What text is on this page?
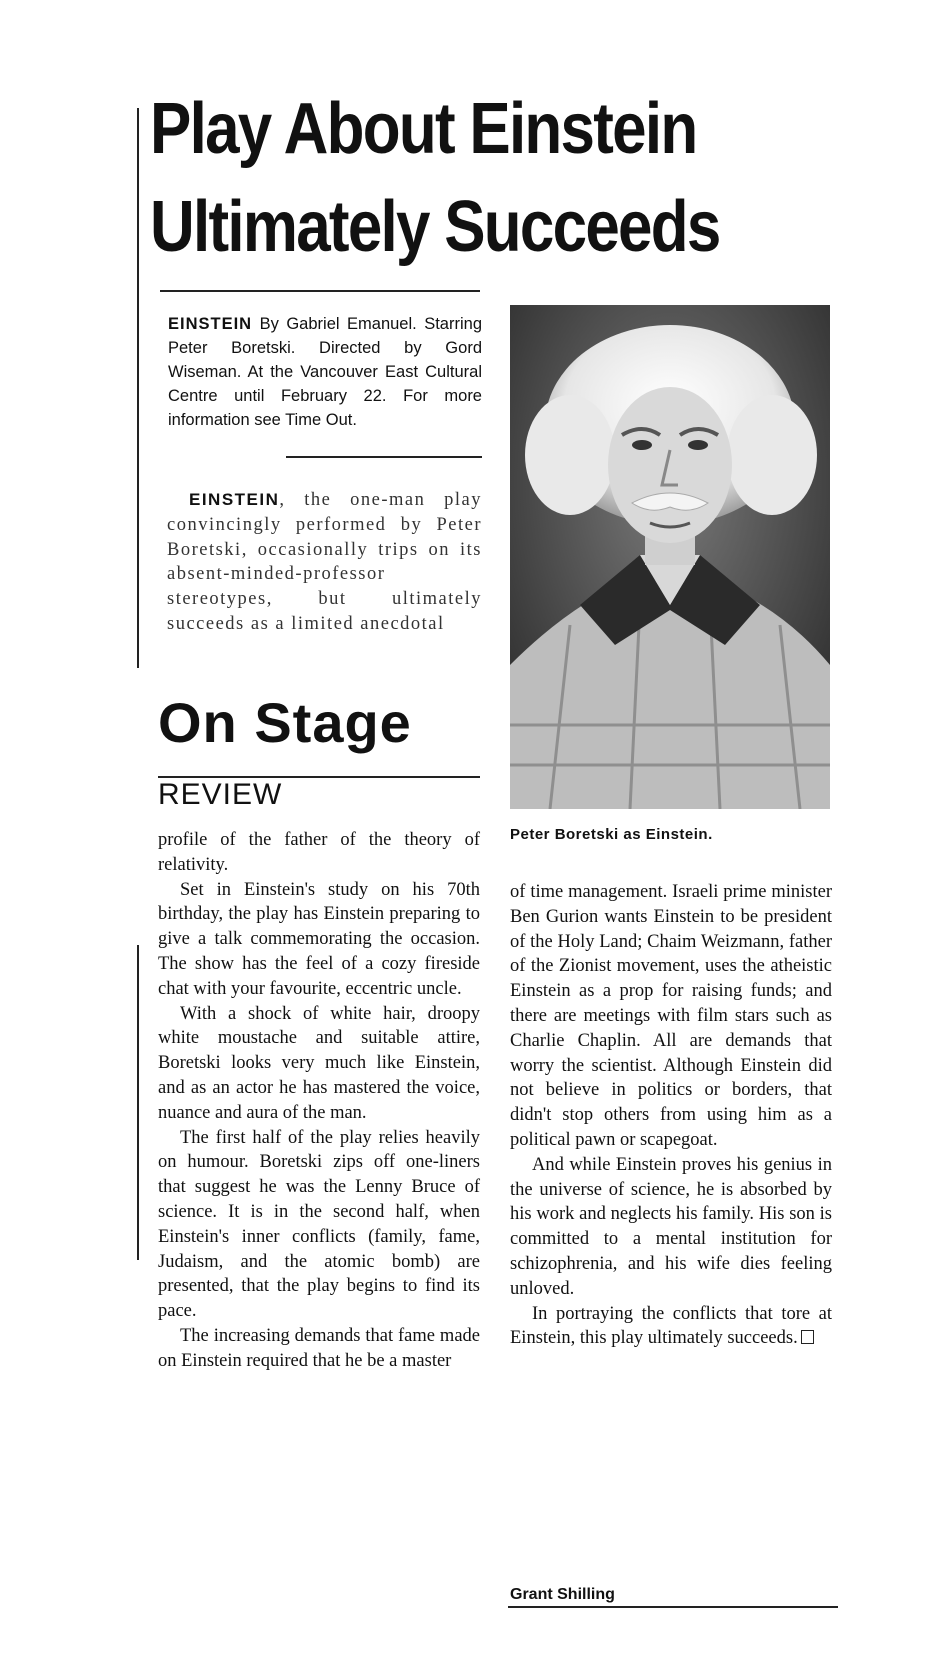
Play About Einstein
Ultimately Succeeds
EINSTEIN By Gabriel Emanuel. Starring Peter Boretski. Directed by Gord Wiseman. At the Vancouver East Cultural Centre until February 22. For more information see Time Out.

EINSTEIN, the one-man play convincingly performed by Peter Boretski, occasionally trips on its absent-minded-professor stereotypes, but ultimately succeeds as a limited anecdotal

On Stage
REVIEW

profile of the father of the theory of relativity.

Set in Einstein's study on his 70th birthday, the play has Einstein preparing to give a talk commemorating the occasion. The show has the feel of a cozy fireside chat with your favourite, eccentric uncle.

With a shock of white hair, droopy white moustache and suitable attire, Boretski looks very much like Einstein, and as an actor he has mastered the voice, nuance and aura of the man.

The first half of the play relies heavily on humour. Boretski zips off one-liners that suggest he was the Lenny Bruce of science. It is in the second half, when Einstein's inner conflicts (family, fame, Judaism, and the atomic bomb) are presented, that the play begins to find its pace.

The increasing demands that fame made on Einstein required that he be a master

Peter Boretski as Einstein.

of time management. Israeli prime minister Ben Gurion wants Einstein to be president of the Holy Land; Chaim Weizmann, father of the Zionist movement, uses the atheistic Einstein as a prop for raising funds; and there are meetings with film stars such as Charlie Chaplin. All are demands that worry the scientist. Although Einstein did not believe in politics or borders, that didn't stop others from using him as a political pawn or scapegoat.

And while Einstein proves his genius in the universe of science, he is absorbed by his work and neglects his family. His son is committed to a mental institution for schizophrenia, and his wife dies feeling unloved.

In portraying the conflicts that tore at Einstein, this play ultimately succeeds.

Grant Shilling
